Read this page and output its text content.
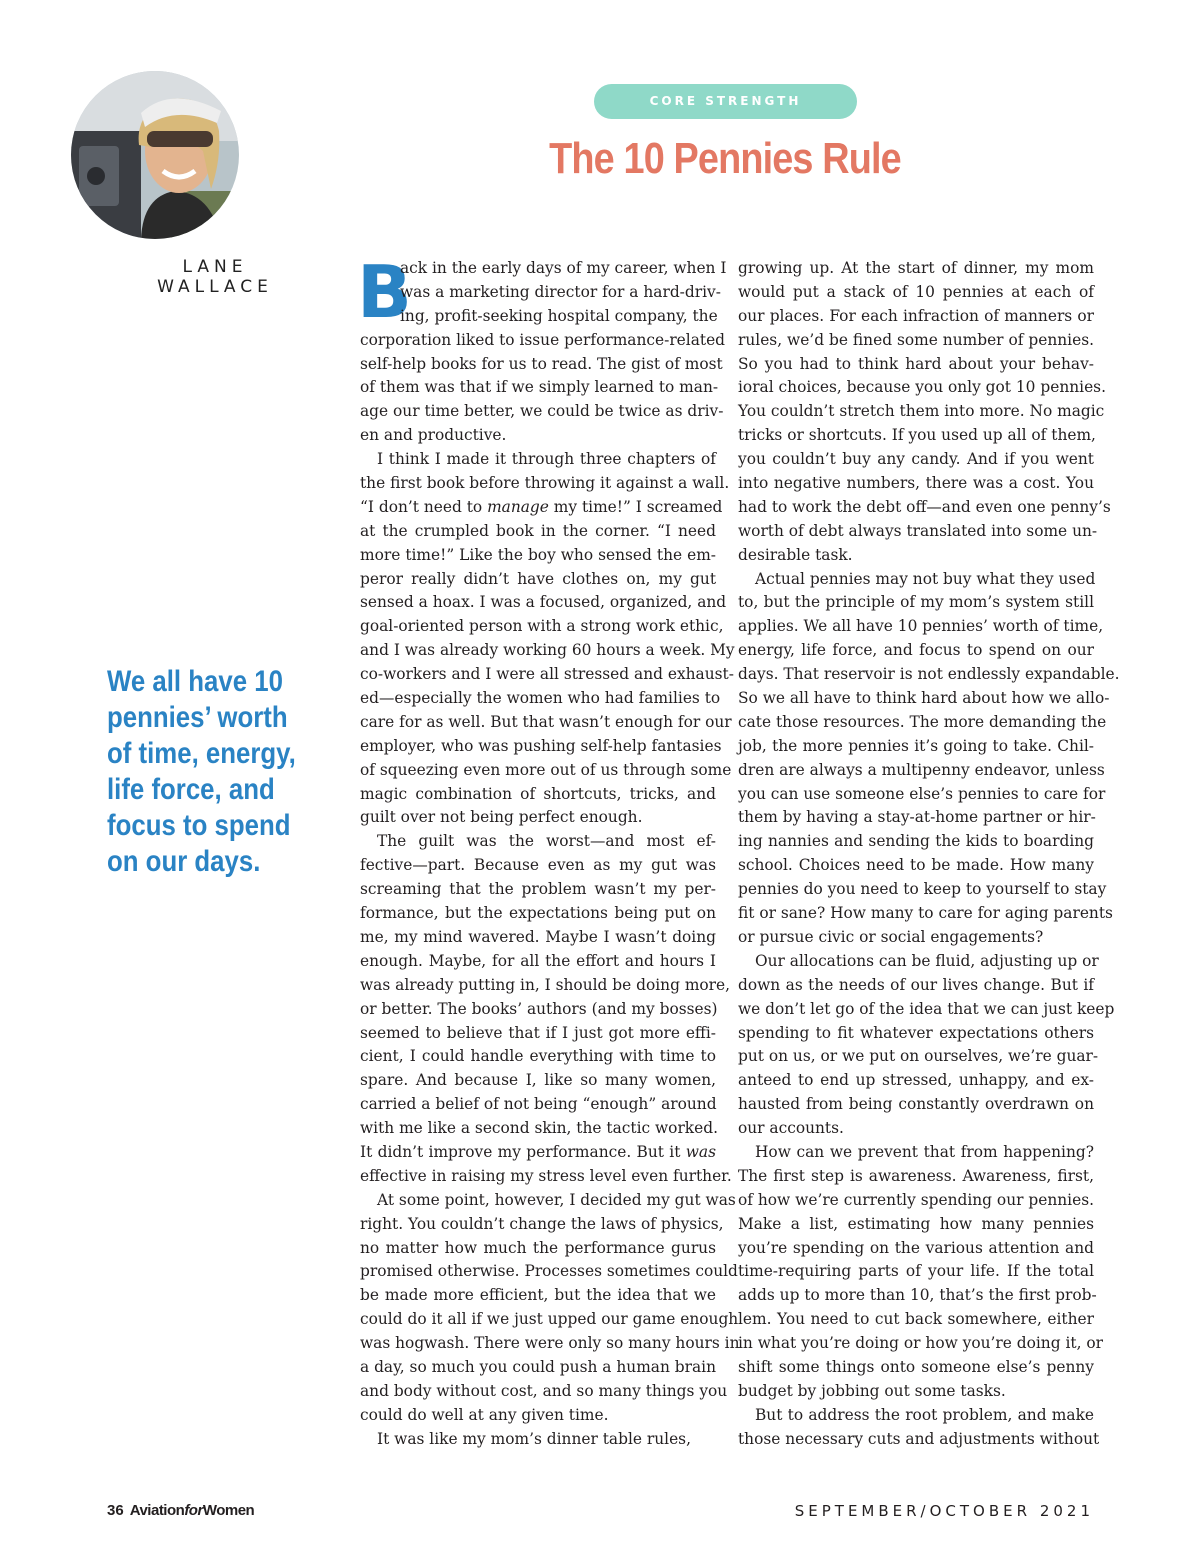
LANE
WALLACE
CORE STRENGTH
The 10 Pennies Rule
We all have 10
pennies’ worth
of time, energy,
life force, and
focus to spend
on our days.
B
ack in the early days of my career, when I
was a marketing director for a hard-driv-
ing, profit-seeking hospital company, the
corporation liked to issue performance-related
self-help books for us to read. The gist of most
of them was that if we simply learned to man-
age our time better, we could be twice as driv-
en and productive.
I think I made it through three chapters of
the first book before throwing it against a wall.
“I don’t need to manage my time!” I screamed
at the crumpled book in the corner. “I need
more time!” Like the boy who sensed the em-
peror really didn’t have clothes on, my gut
sensed a hoax. I was a focused, organized, and
goal-oriented person with a strong work ethic,
and I was already working 60 hours a week. My
co-workers and I were all stressed and exhaust-
ed—especially the women who had families to
care for as well. But that wasn’t enough for our
employer, who was pushing self-help fantasies
of squeezing even more out of us through some
magic combination of shortcuts, tricks, and
guilt over not being perfect enough.
The guilt was the worst—and most ef-
fective—part. Because even as my gut was
screaming that the problem wasn’t my per-
formance, but the expectations being put on
me, my mind wavered. Maybe I wasn’t doing
enough. Maybe, for all the effort and hours I
was already putting in, I should be doing more,
or better. The books’ authors (and my bosses)
seemed to believe that if I just got more effi-
cient, I could handle everything with time to
spare. And because I, like so many women,
carried a belief of not being “enough” around
with me like a second skin, the tactic worked.
It didn’t improve my performance. But it was
effective in raising my stress level even further.
At some point, however, I decided my gut was
right. You couldn’t change the laws of physics,
no matter how much the performance gurus
promised otherwise. Processes sometimes could
be made more efficient, but the idea that we
could do it all if we just upped our game enough
was hogwash. There were only so many hours in
a day, so much you could push a human brain
and body without cost, and so many things you
could do well at any given time.
It was like my mom’s dinner table rules,
growing up. At the start of dinner, my mom
would put a stack of 10 pennies at each of
our places. For each infraction of manners or
rules, we’d be fined some number of pennies.
So you had to think hard about your behav-
ioral choices, because you only got 10 pennies.
You couldn’t stretch them into more. No magic
tricks or shortcuts. If you used up all of them,
you couldn’t buy any candy. And if you went
into negative numbers, there was a cost. You
had to work the debt off—and even one penny’s
worth of debt always translated into some un-
desirable task.
Actual pennies may not buy what they used
to, but the principle of my mom’s system still
applies. We all have 10 pennies’ worth of time,
energy, life force, and focus to spend on our
days. That reservoir is not endlessly expandable.
So we all have to think hard about how we allo-
cate those resources. The more demanding the
job, the more pennies it’s going to take. Chil-
dren are always a multipenny endeavor, unless
you can use someone else’s pennies to care for
them by having a stay-at-home partner or hir-
ing nannies and sending the kids to boarding
school. Choices need to be made. How many
pennies do you need to keep to yourself to stay
fit or sane? How many to care for aging parents
or pursue civic or social engagements?
Our allocations can be fluid, adjusting up or
down as the needs of our lives change. But if
we don’t let go of the idea that we can just keep
spending to fit whatever expectations others
put on us, or we put on ourselves, we’re guar-
anteed to end up stressed, unhappy, and ex-
hausted from being constantly overdrawn on
our accounts.
How can we prevent that from happening?
The first step is awareness. Awareness, first,
of how we’re currently spending our pennies.
Make a list, estimating how many pennies
you’re spending on the various attention and
time-requiring parts of your life. If the total
adds up to more than 10, that’s the first prob-
lem. You need to cut back somewhere, either
in what you’re doing or how you’re doing it, or
shift some things onto someone else’s penny
budget by jobbing out some tasks.
But to address the root problem, and make
those necessary cuts and adjustments without
36 AviationforWomen	SEPTEMBER/OCTOBER 2021
